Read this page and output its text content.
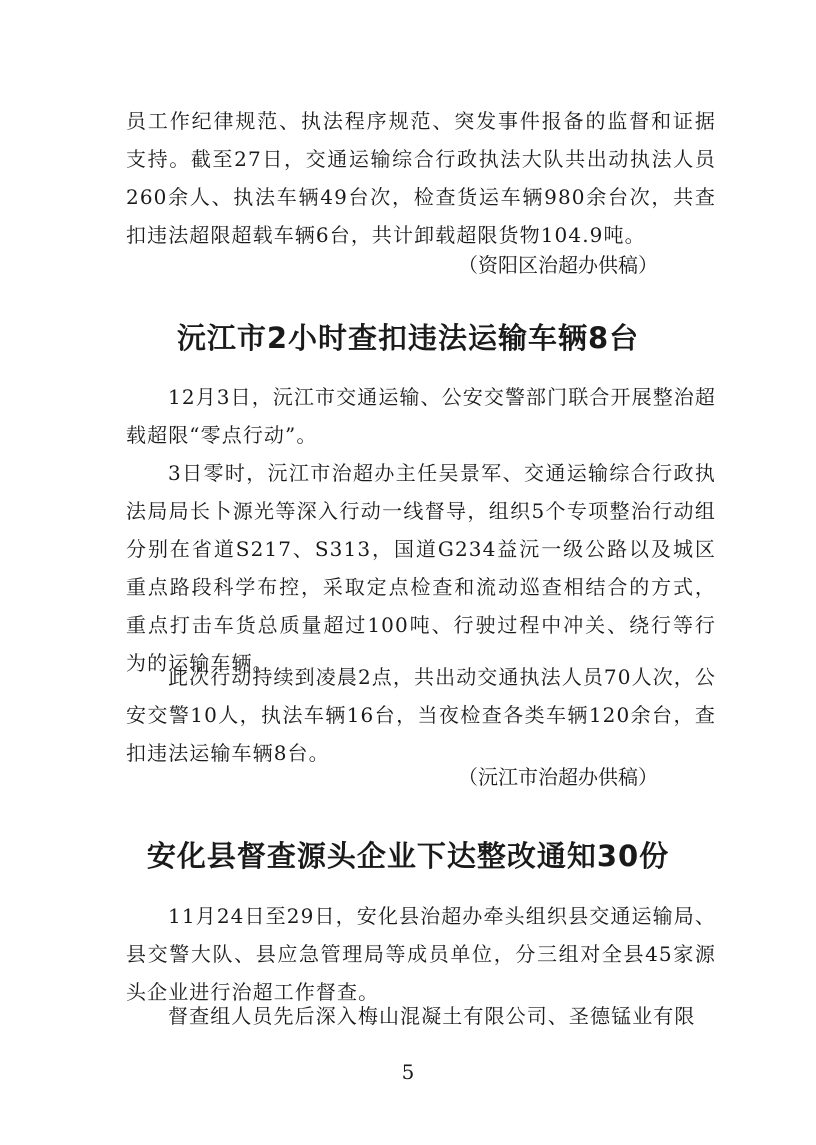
员工作纪律规范、执法程序规范、突发事件报备的监督和证据支持。截至27日，交通运输综合行政执法大队共出动执法人员260余人、执法车辆49台次，检查货运车辆980余台次，共查扣违法超限超载车辆6台，共计卸载超限货物104.9吨。

（资阳区治超办供稿）

沅江市2小时查扣违法运输车辆8台

12月3日，沅江市交通运输、公安交警部门联合开展整治超载超限“零点行动”。

3日零时，沅江市治超办主任吴景军、交通运输综合行政执法局局长卜源光等深入行动一线督导，组织5个专项整治行动组分别在省道S217、S313，国道G234益沅一级公路以及城区重点路段科学布控，采取定点检查和流动巡查相结合的方式，重点打击车货总质量超过100吨、行驶过程中冲关、绕行等行为的运输车辆。

此次行动持续到凌晨2点，共出动交通执法人员70人次，公安交警10人，执法车辆16台，当夜检查各类车辆120余台，查扣违法运输车辆8台。

（沅江市治超办供稿）

安化县督查源头企业下达整改通知30份

11月24日至29日，安化县治超办牵头组织县交通运输局、县交警大队、县应急管理局等成员单位，分三组对全县45家源头企业进行治超工作督查。

督查组人员先后深入梅山混凝土有限公司、圣德锰业有限

5
